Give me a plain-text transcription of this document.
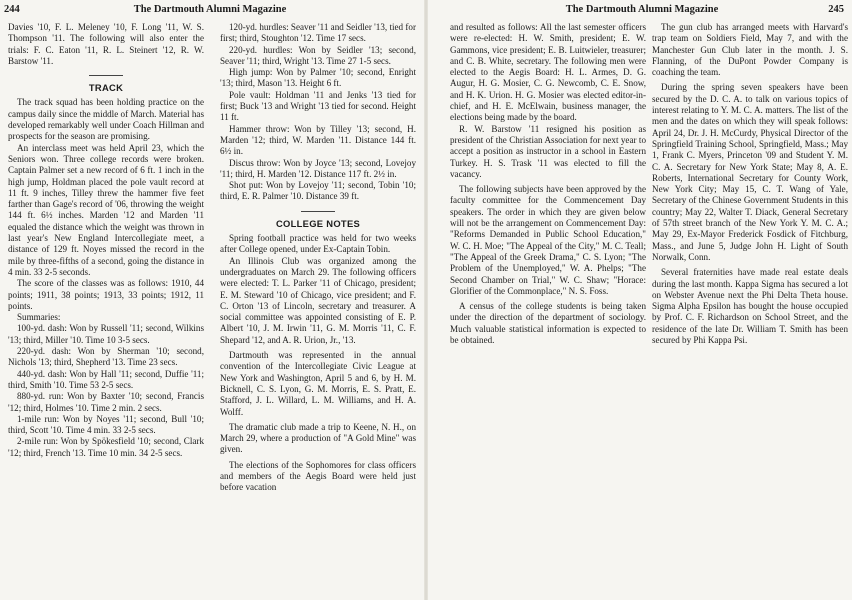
244	The Dartmouth Alumni Magazine

Davies '10, F. L. Meleney '10, F. Long '11, W. S. Thompson '11. The following will also enter the trials: F. C. Eaton '11, R. L. Steinert '12, R. W. Barstow '11.

TRACK

The track squad has been holding practice on the campus daily since the middle of March. Material has developed remarkably well under Coach Hillman and prospects for the season are promising.

An interclass meet was held April 23, which the Seniors won. Three college records were broken. Captain Palmer set a new record of 6 ft. 1 inch in the high jump, Holdman placed the pole vault record at 11 ft. 9 inches, Tilley threw the hammer five feet farther than Gage's record of '06, throwing the weight 144 ft. 6½ inches. Marden '12 and Marden '11 equaled the distance which the weight was thrown in last year's New England Intercollegiate meet, a distance of 129 ft. Noyes missed the record in the mile by three-fifths of a second, going the distance in 4 min. 33 2-5 seconds.

The score of the classes was as follows: 1910, 44 points; 1911, 38 points; 1913, 33 points; 1912, 11 points.

Summaries:

100-yd. dash: Won by Russell '11; second, Wilkins '13; third, Miller '10. Time 10 3-5 secs.

220-yd. dash: Won by Sherman '10; second, Nichols '13; third, Shepherd '13. Time 23 secs.

440-yd. dash: Won by Hall '11; second, Duffie '11; third, Smith '10. Time 53 2-5 secs.

880-yd. run: Won by Baxter '10; second, Francis '12; third, Holmes '10. Time 2 min. 2 secs.

1-mile run: Won by Noyes '11; second, Bull '10; third, Scott '10. Time 4 min. 33 2-5 secs.

2-mile run: Won by Spökesfield '10; second, Clark '12; third, French '13. Time 10 min. 34 2-5 secs.

120-yd. hurdles: Seaver '11 and Seidler '13, tied for first; third, Stoughton '12. Time 17 secs.

220-yd. hurdles: Won by Seidler '13; second, Seaver '11; third, Wright '13. Time 27 1-5 secs.

High jump: Won by Palmer '10; second, Enright '13; third, Mason '13. Height 6 ft.

Pole vault: Holdman '11 and Jenks '13 tied for first; Buck '13 and Wright '13 tied for second. Height 11 ft.

Hammer throw: Won by Tilley '13; second, H. Marden '12; third, W. Marden '11. Distance 144 ft. 6½ in.

Discus throw: Won by Joyce '13; second, Lovejoy '11; third, H. Marden '12. Distance 117 ft. 2½ in.

Shot put: Won by Lovejoy '11; second, Tobin '10; third, E. R. Palmer '10. Distance 39 ft.

COLLEGE NOTES

Spring football practice was held for two weeks after College opened, under Ex-Captain Tobin.

An Illinois Club was organized among the undergraduates on March 29. The following officers were elected: T. L. Parker '11 of Chicago, president; E. M. Steward '10 of Chicago, vice president; and F. C. Orton '13 of Lincoln, secretary and treasurer. A social committee was appointed consisting of E. P. Albert '10, J. M. Irwin '11, G. M. Morris '11, C. F. Shepard '12, and A. R. Urion, Jr., '13.

Dartmouth was represented in the annual convention of the Intercollegiate Civic League at New York and Washington, April 5 and 6, by H. M. Bicknell, C. S. Lyon, G. M. Morris, E. S. Pratt, E. Stafford, J. L. Willard, L. M. Williams, and H. A. Wolff.

The dramatic club made a trip to Keene, N. H., on March 29, where a production of "A Gold Mine" was given.

The elections of the Sophomores for class officers and members of the Aegis Board were held just before vacation

The Dartmouth Alumni Magazine	245

and resulted as follows: All the last semester officers were re-elected: H. W. Smith, president; E. W. Gammons, vice president; E. B. Luitwieler, treasurer; and C. B. White, secretary. The following men were elected to the Aegis Board: H. L. Armes, D. G. Augur, H. G. Mosier, C. G. Newcomb, C. E. Snow, and H. K. Urion. H. G. Mosier was elected editor-in-chief, and H. E. McElwain, business manager, the elections being made by the board.

R. W. Barstow '11 resigned his position as president of the Christian Association for next year to accept a position as instructor in a school in Eastern Turkey. H. S. Trask '11 was elected to fill the vacancy.

The following subjects have been approved by the faculty committee for the Commencement Day speakers. The order in which they are given below will not be the arrangement on Commencement Day: "Reforms Demanded in Public School Education," W. C. H. Moe; "The Appeal of the City," M. C. Teall; "The Appeal of the Greek Drama," C. S. Lyon; "The Problem of the Unemployed," W. A. Phelps; "The Second Chamber on Trial," W. C. Shaw; "Horace: Glorifier of the Commonplace," N. S. Foss.

A census of the college students is being taken under the direction of the department of sociology. Much valuable statistical information is expected to be obtained.

The gun club has arranged meets with Harvard's trap team on Soldiers Field, May 7, and with the Manchester Gun Club later in the month. J. S. Flanning, of the DuPont Powder Company is coaching the team.

During the spring seven speakers have been secured by the D. C. A. to talk on various topics of interest relating to Y. M. C. A. matters. The list of the men and the dates on which they will speak follows: April 24, Dr. J. H. McCurdy, Physical Director of the Springfield Training School, Springfield, Mass.; May 1, Frank C. Myers, Princeton '09 and Student Y. M. C. A. Secretary for New York State; May 8, A. E. Roberts, International Secretary for County Work, New York City; May 15, C. T. Wang of Yale, Secretary of the Chinese Government Students in this country; May 22, Walter T. Diack, General Secretary of 57th street branch of the New York Y. M. C. A.; May 29, Ex-Mayor Frederick Fosdick of Fitchburg, Mass., and June 5, Judge John H. Light of South Norwalk, Conn.

Several fraternities have made real estate deals during the last month. Kappa Sigma has secured a lot on Webster Avenue next the Phi Delta Theta house. Sigma Alpha Epsilon has bought the house occupied by Prof. C. F. Richardson on School Street, and the residence of the late Dr. William T. Smith has been secured by Phi Kappa Psi.
